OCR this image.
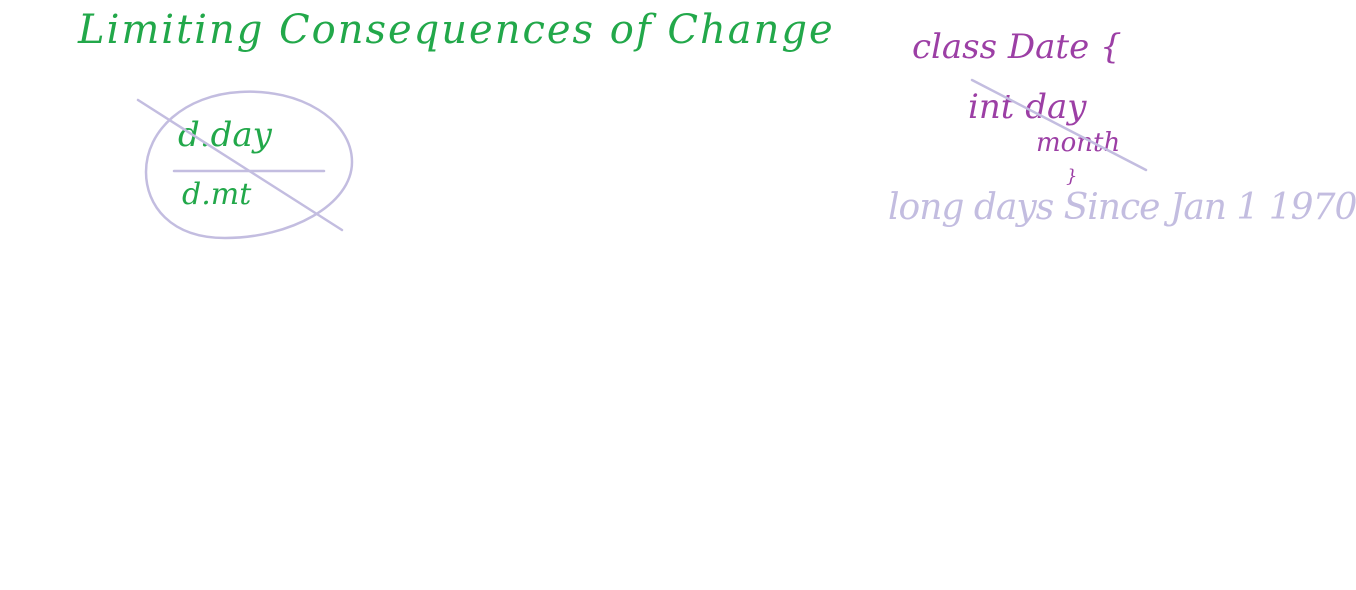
Limiting Consequences of Change
d.day
d.mt
class Date {
int day
month
}
long days Since Jan 1 1970
